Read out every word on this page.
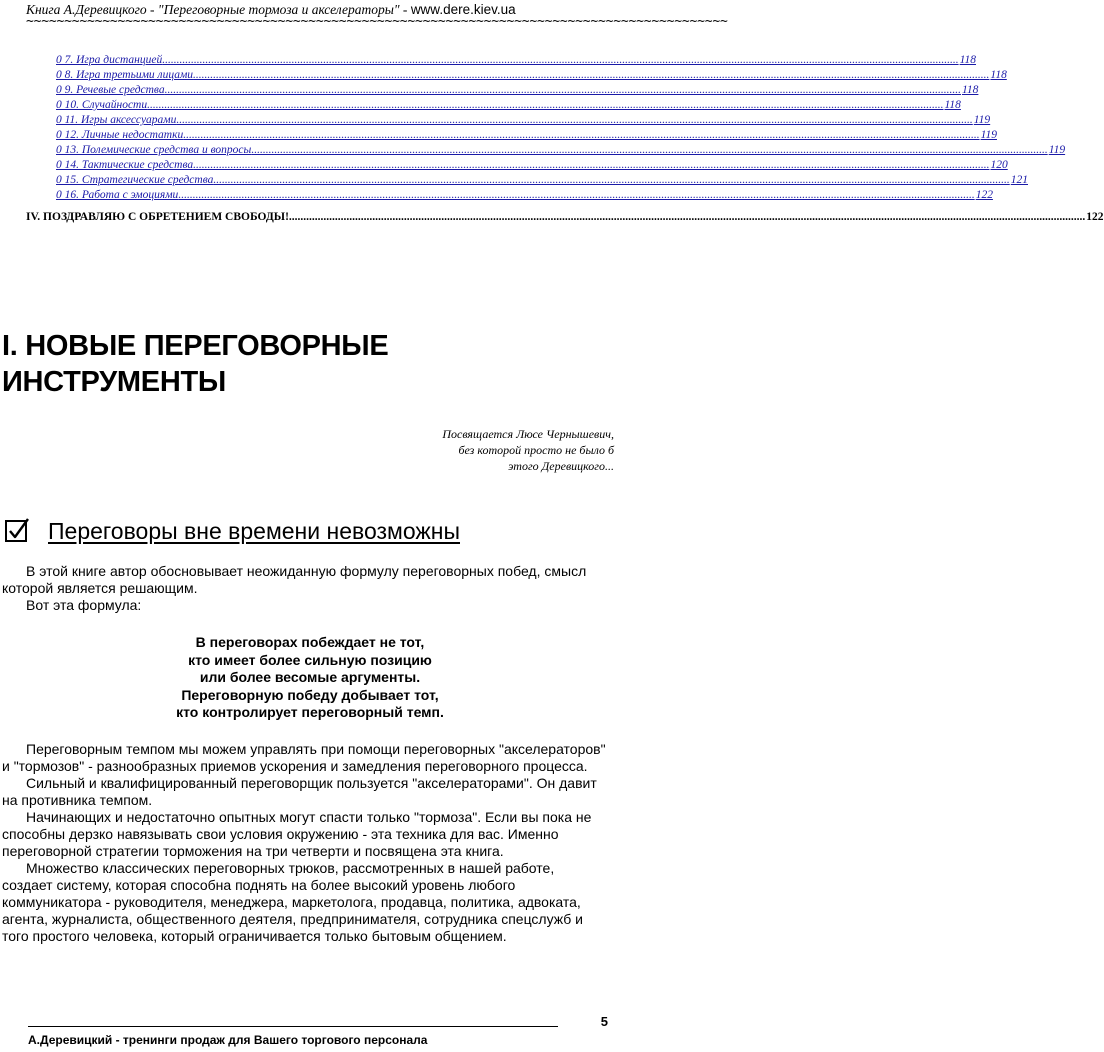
Книга А.Деревицкого - "Переговорные тормоза и акселераторы" - www.dere.kiev.ua
~~~~~~~~~~~~~~~~~~~~~~~~~~~~~~~~~~~~~~~~~~~~~~~~~~~~~~~~~~~~~~~~~~~~~~~~~~~~~~~~~~~~~~~~~~~~
0 7. Игра дистанцией .....	118
0 8. Игра третьими лицами .....	118
0 9. Речевые средства .....	118
0 10. Случайности .....	118
0 11. Игры аксессуарами .....	119
0 12. Личные недостатки .....	119
0 13. Полемические средства и вопросы .....	119
0 14. Тактические средства .....	120
0 15. Стратегические средства .....	121
0 16. Работа с эмоциями .....	122
IV. ПОЗДРАВЛЯЮ С ОБРЕТЕНИЕМ СВОБОДЫ! .....	122
I. НОВЫЕ ПЕРЕГОВОРНЫЕ
ИНСТРУМЕНТЫ
Посвящается Люсе Чернышевич,
без которой просто не было б
этого Деревицкого...
Переговоры вне времени невозможны

В этой книге автор обосновывает неожиданную формулу переговорных побед, смысл которой является решающим.

Вот эта формула:

В переговорах побеждает не тот,
кто имеет более сильную позицию
или более весомые аргументы.
Переговорную победу добывает тот,
кто контролирует переговорный темп.

Переговорным темпом мы можем управлять при помощи переговорных "акселераторов" и "тормозов" - разнообразных приемов ускорения и замедления переговорного процесса.

Сильный и квалифицированный переговорщик пользуется "акселераторами". Он давит на противника темпом.

Начинающих и недостаточно опытных могут спасти только "тормоза". Если вы пока не способны дерзко навязывать свои условия окружению - эта техника для вас. Именно переговорной стратегии торможения на три четверти и посвящена эта книга.

Множество классических переговорных трюков, рассмотренных в нашей работе, создает систему, которая способна поднять на более высокий уровень любого коммуникатора - руководителя, менеджера, маркетолога, продавца, политика, адвоката, агента, журналиста, общественного деятеля, предпринимателя, сотрудника спецслужб и того простого человека, который ограничивается только бытовым общением.

А.Деревицкий - тренинги продаж для Вашего торгового персонала
5
